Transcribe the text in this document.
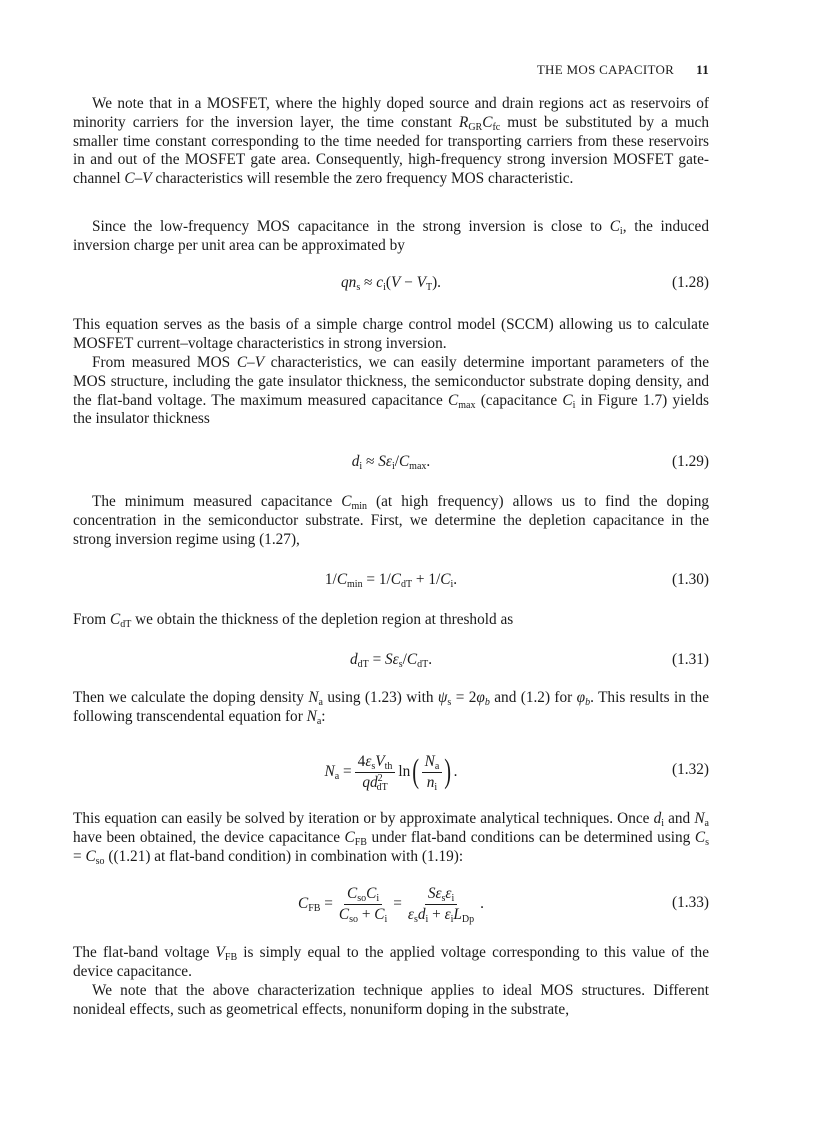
THE MOS CAPACITOR 11

We note that in a MOSFET, where the highly doped source and drain regions act as reservoirs of minority carriers for the inversion layer, the time constant $R_{GR}C_{fc}$ must be substituted by a much smaller time constant corresponding to the time needed for transporting carriers from these reservoirs in and out of the MOSFET gate area. Consequently, high-frequency strong inversion MOSFET gate-channel C–V characteristics will resemble the zero frequency MOS characteristic.

Since the low-frequency MOS capacitance in the strong inversion is close to $C_i$, the induced inversion charge per unit area can be approximated by

$qn_s \approx c_i(V - V_T)$.	(1.28)

This equation serves as the basis of a simple charge control model (SCCM) allowing us to calculate MOSFET current–voltage characteristics in strong inversion.

From measured MOS C–V characteristics, we can easily determine important parameters of the MOS structure, including the gate insulator thickness, the semiconductor substrate doping density, and the flat-band voltage. The maximum measured capacitance $C_{max}$ (capacitance $C_i$ in Figure 1.7) yields the insulator thickness

$d_i \approx S\varepsilon_i/C_{max}$.	(1.29)

The minimum measured capacitance $C_{min}$ (at high frequency) allows us to find the doping concentration in the semiconductor substrate. First, we determine the depletion capacitance in the strong inversion regime using (1.27),

$1/C_{min} = 1/C_{dT} + 1/C_i$.	(1.30)

From $C_{dT}$ we obtain the thickness of the depletion region at threshold as

$d_{dT} = S\varepsilon_s/C_{dT}$.	(1.31)

Then we calculate the doping density $N_a$ using (1.23) with $\psi_s = 2\varphi_b$ and (1.2) for $\varphi_b$. This results in the following transcendental equation for $N_a$:

$N_a = \frac{4\varepsilon_sV_{th}}{qd^2_{dT}}$ ln ( $\frac{N_a}{n_i}$ ) .	(1.32)

This equation can easily be solved by iteration or by approximate analytical techniques. Once $d_i$ and $N_a$ have been obtained, the device capacitance $C_{FB}$ under flat-band conditions can be determined using $C_s = C_{so}$ ((1.21) at flat-band condition) in combination with (1.19):

$C_{FB} = \frac{C_{so}C_i}{C_{so} + C_i} = \frac{S\varepsilon_s\varepsilon_i}{\varepsilon_sd_i + \varepsilon_iL_{Dp}}$ .	(1.33)

The flat-band voltage $V_{FB}$ is simply equal to the applied voltage corresponding to this value of the device capacitance.

We note that the above characterization technique applies to ideal MOS structures. Different nonideal effects, such as geometrical effects, nonuniform doping in the substrate,
